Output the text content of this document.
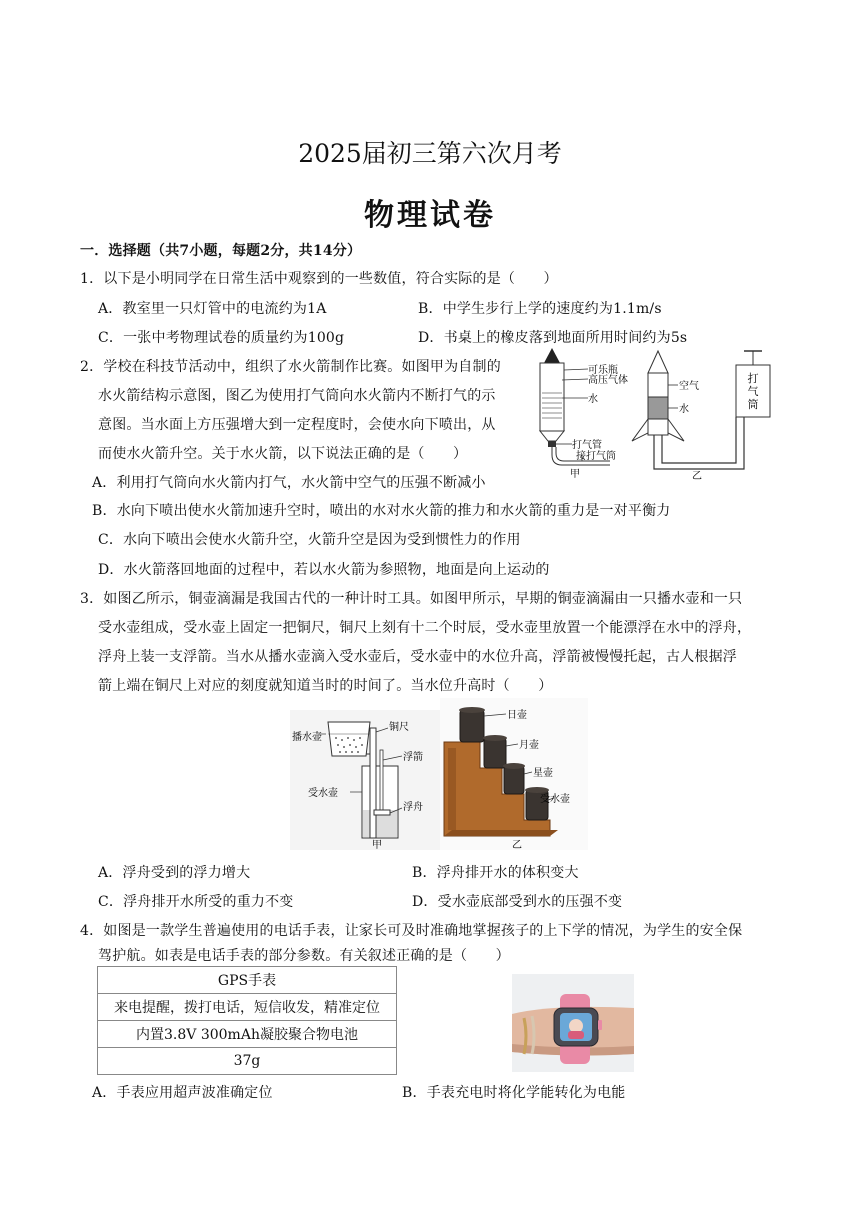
2025届初三第六次月考
物理试卷
一．选择题（共7小题，每题2分，共14分）
1．以下是小明同学在日常生活中观察到的一些数值，符合实际的是（　　）
A．教室里一只灯管中的电流约为1A	B．中学生步行上学的速度约为1.1m/s
C．一张中考物理试卷的质量约为100g	D．书桌上的橡皮落到地面所用时间约为5s
2．学校在科技节活动中，组织了水火箭制作比赛。如图甲为自制的
水火箭结构示意图，图乙为使用打气筒向水火箭内不断打气的示
意图。当水面上方压强增大到一定程度时，会使水向下喷出，从
而使水火箭升空。关于水火箭，以下说法正确的是（　　）
A．利用打气筒向水火箭内打气，水火箭中空气的压强不断减小
B．水向下喷出使水火箭加速升空时，喷出的水对水火箭的推力和水火箭的重力是一对平衡力
C．水向下喷出会使水火箭升空，火箭升空是因为受到惯性力的作用
D．水火箭落回地面的过程中，若以水火箭为参照物，地面是向上运动的
可乐瓶
高压气体
水
打气管
接打气筒
甲
空气
水
打气筒
乙
3．如图乙所示，铜壶滴漏是我国古代的一种计时工具。如图甲所示，早期的铜壶滴漏由一只播水壶和一只
受水壶组成，受水壶上固定一把铜尺，铜尺上刻有十二个时辰，受水壶里放置一个能漂浮在水中的浮舟，
浮舟上装一支浮箭。当水从播水壶滴入受水壶后，受水壶中的水位升高，浮箭被慢慢托起，古人根据浮
箭上端在铜尺上对应的刻度就知道当时的时间了。当水位升高时（　　）
播水壶
铜尺
浮箭
受水壶
浮舟
甲
日壶
月壶
星壶
受水壶
乙
A．浮舟受到的浮力增大	B．浮舟排开水的体积变大
C．浮舟排开水所受的重力不变	D．受水壶底部受到水的压强不变
4．如图是一款学生普遍使用的电话手表，让家长可及时准确地掌握孩子的上下学的情况，为学生的安全保
驾护航。如表是电话手表的部分参数。有关叙述正确的是（　　）
GPS手表
来电提醒，拨打电话，短信收发，精准定位
内置3.8V 300mAh凝胶聚合物电池
37g
A．手表应用超声波准确定位	B．手表充电时将化学能转化为电能
